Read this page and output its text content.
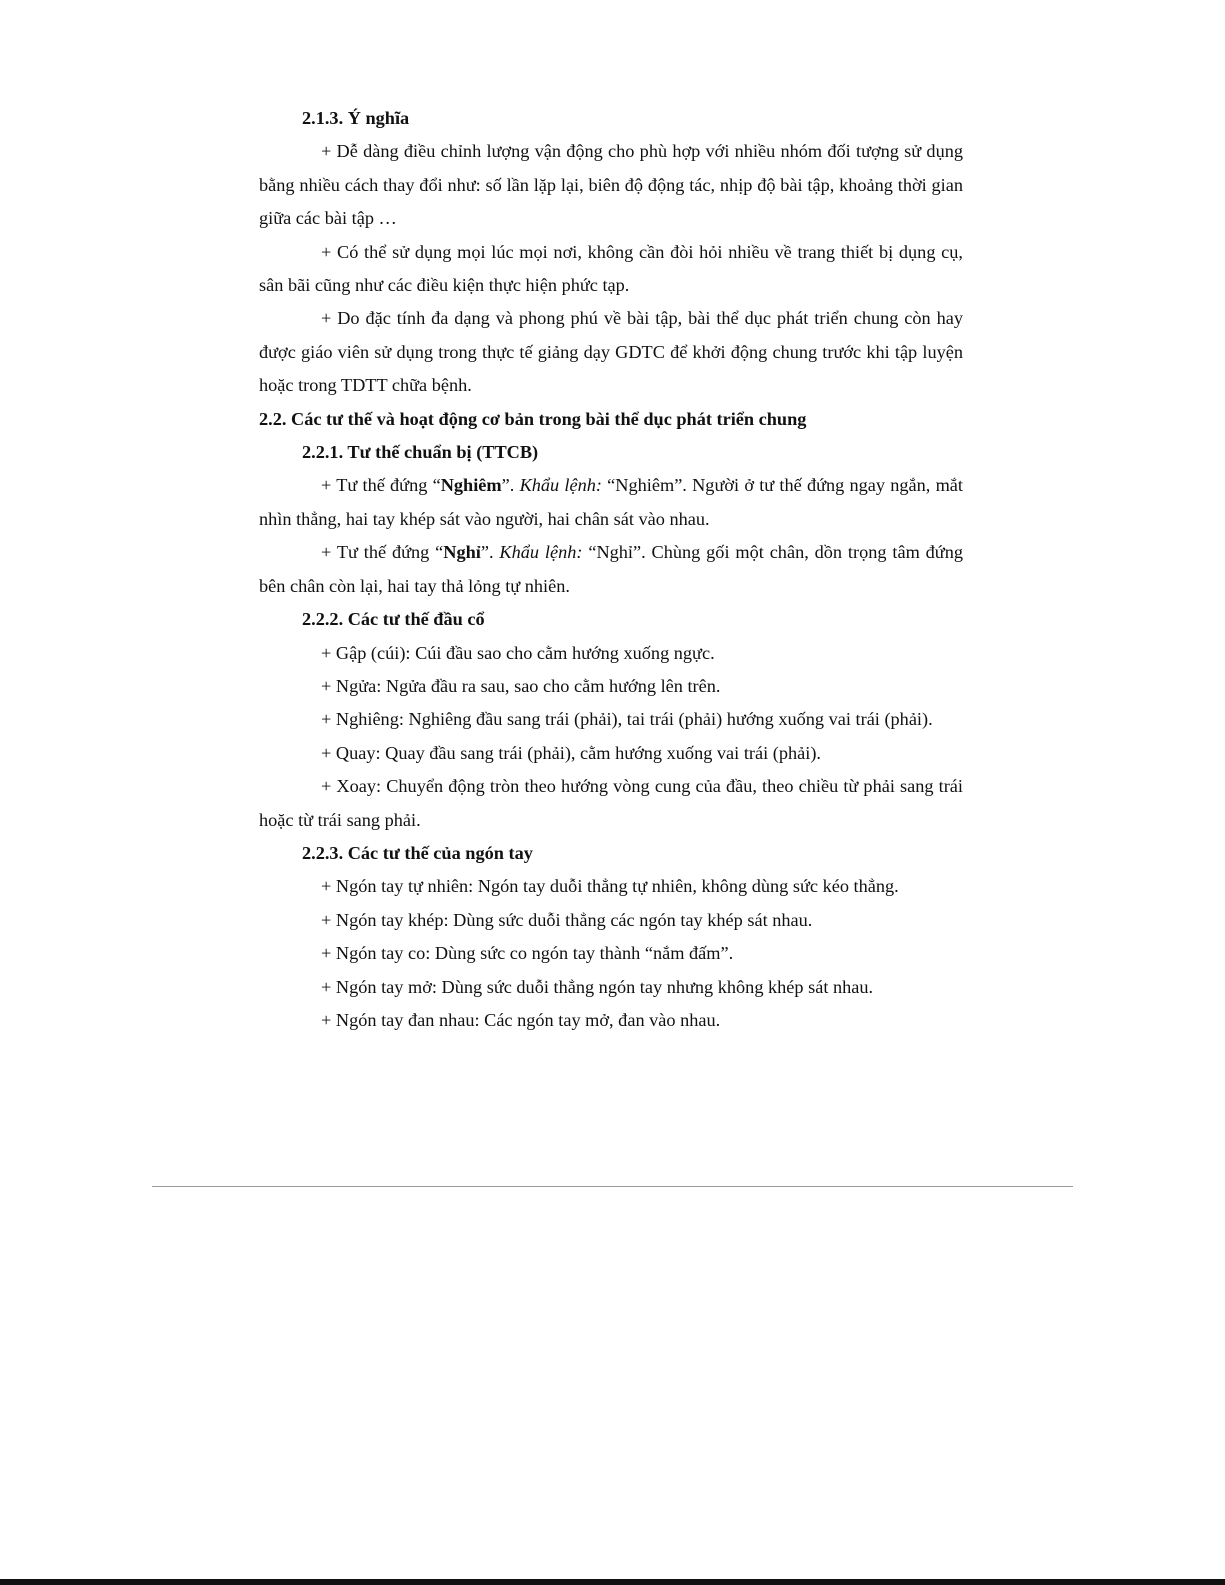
2.1.3. Ý nghĩa
+ Dễ dàng điều chỉnh lượng vận động cho phù hợp với nhiều nhóm đối tượng sử dụng bằng nhiều cách thay đổi như: số lần lặp lại, biên độ động tác, nhịp độ bài tập, khoảng thời gian giữa các bài tập …
+ Có thể sử dụng mọi lúc mọi nơi, không cần đòi hỏi nhiều về trang thiết bị dụng cụ, sân bãi cũng như các điều kiện thực hiện phức tạp.
+ Do đặc tính đa dạng và phong phú về bài tập, bài thể dục phát triển chung còn hay được giáo viên sử dụng trong thực tế giảng dạy GDTC để khởi động chung trước khi tập luyện hoặc trong TDTT chữa bệnh.
2.2. Các tư thế và hoạt động cơ bản trong bài thể dục phát triển chung
2.2.1. Tư thế chuẩn bị (TTCB)
+ Tư thế đứng “Nghiêm”. Khẩu lệnh: “Nghiêm”. Người ở tư thế đứng ngay ngắn, mắt nhìn thẳng, hai tay khép sát vào người, hai chân sát vào nhau.
+ Tư thế đứng “Nghỉ”. Khẩu lệnh: “Nghỉ”. Chùng gối một chân, dồn trọng tâm đứng bên chân còn lại, hai tay thả lỏng tự nhiên.
2.2.2. Các tư thế đầu cổ
+ Gập (cúi): Cúi đầu sao cho cằm hướng xuống ngực.
+ Ngửa: Ngửa đầu ra sau, sao cho cằm hướng lên trên.
+ Nghiêng: Nghiêng đầu sang trái (phải), tai trái (phải) hướng xuống vai trái (phải).
+ Quay: Quay đầu sang trái (phải), cằm hướng xuống vai trái (phải).
+ Xoay: Chuyển động tròn theo hướng vòng cung của đầu, theo chiều từ phải sang trái hoặc từ trái sang phải.
2.2.3. Các tư thế của ngón tay
+ Ngón tay tự nhiên: Ngón tay duỗi thẳng tự nhiên, không dùng sức kéo thẳng.
+ Ngón tay khép: Dùng sức duỗi thẳng các ngón tay khép sát nhau.
+ Ngón tay co: Dùng sức co ngón tay thành “nắm đấm”.
+ Ngón tay mở: Dùng sức duỗi thẳng ngón tay nhưng không khép sát nhau.
+ Ngón tay đan nhau: Các ngón tay mở, đan vào nhau.
